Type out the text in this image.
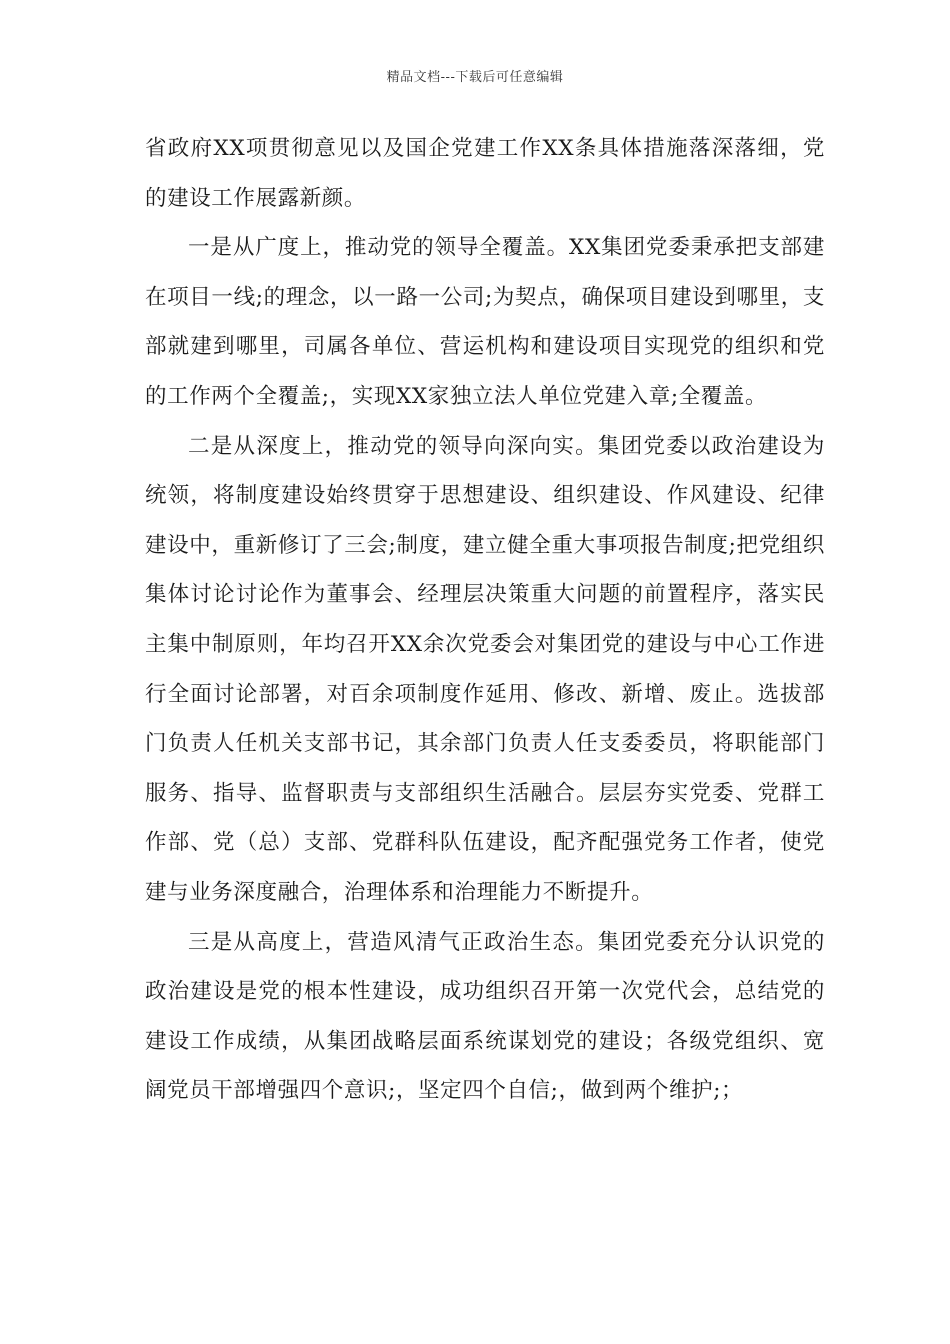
精品文档---下载后可任意编辑

省政府XX项贯彻意见以及国企党建工作XX条具体措施落深落细，党的建设工作展露新颜。

一是从广度上，推动党的领导全覆盖。XX集团党委秉承把支部建在项目一线;的理念，以一路一公司;为契点，确保项目建设到哪里，支部就建到哪里，司属各单位、营运机构和建设项目实现党的组织和党的工作两个全覆盖;，实现XX家独立法人单位党建入章;全覆盖。

二是从深度上，推动党的领导向深向实。集团党委以政治建设为统领，将制度建设始终贯穿于思想建设、组织建设、作风建设、纪律建设中，重新修订了三会;制度，建立健全重大事项报告制度;把党组织集体讨论讨论作为董事会、经理层决策重大问题的前置程序，落实民主集中制原则，年均召开XX余次党委会对集团党的建设与中心工作进行全面讨论部署，对百余项制度作延用、修改、新增、废止。选拔部门负责人任机关支部书记，其余部门负责人任支委委员，将职能部门服务、指导、监督职责与支部组织生活融合。层层夯实党委、党群工作部、党（总）支部、党群科队伍建设，配齐配强党务工作者，使党建与业务深度融合，治理体系和治理能力不断提升。

三是从高度上，营造风清气正政治生态。集团党委充分认识党的政治建设是党的根本性建设，成功组织召开第一次党代会，总结党的建设工作成绩，从集团战略层面系统谋划党的建设；各级党组织、宽阔党员干部增强四个意识;，坚定四个自信;，做到两个维护;；
